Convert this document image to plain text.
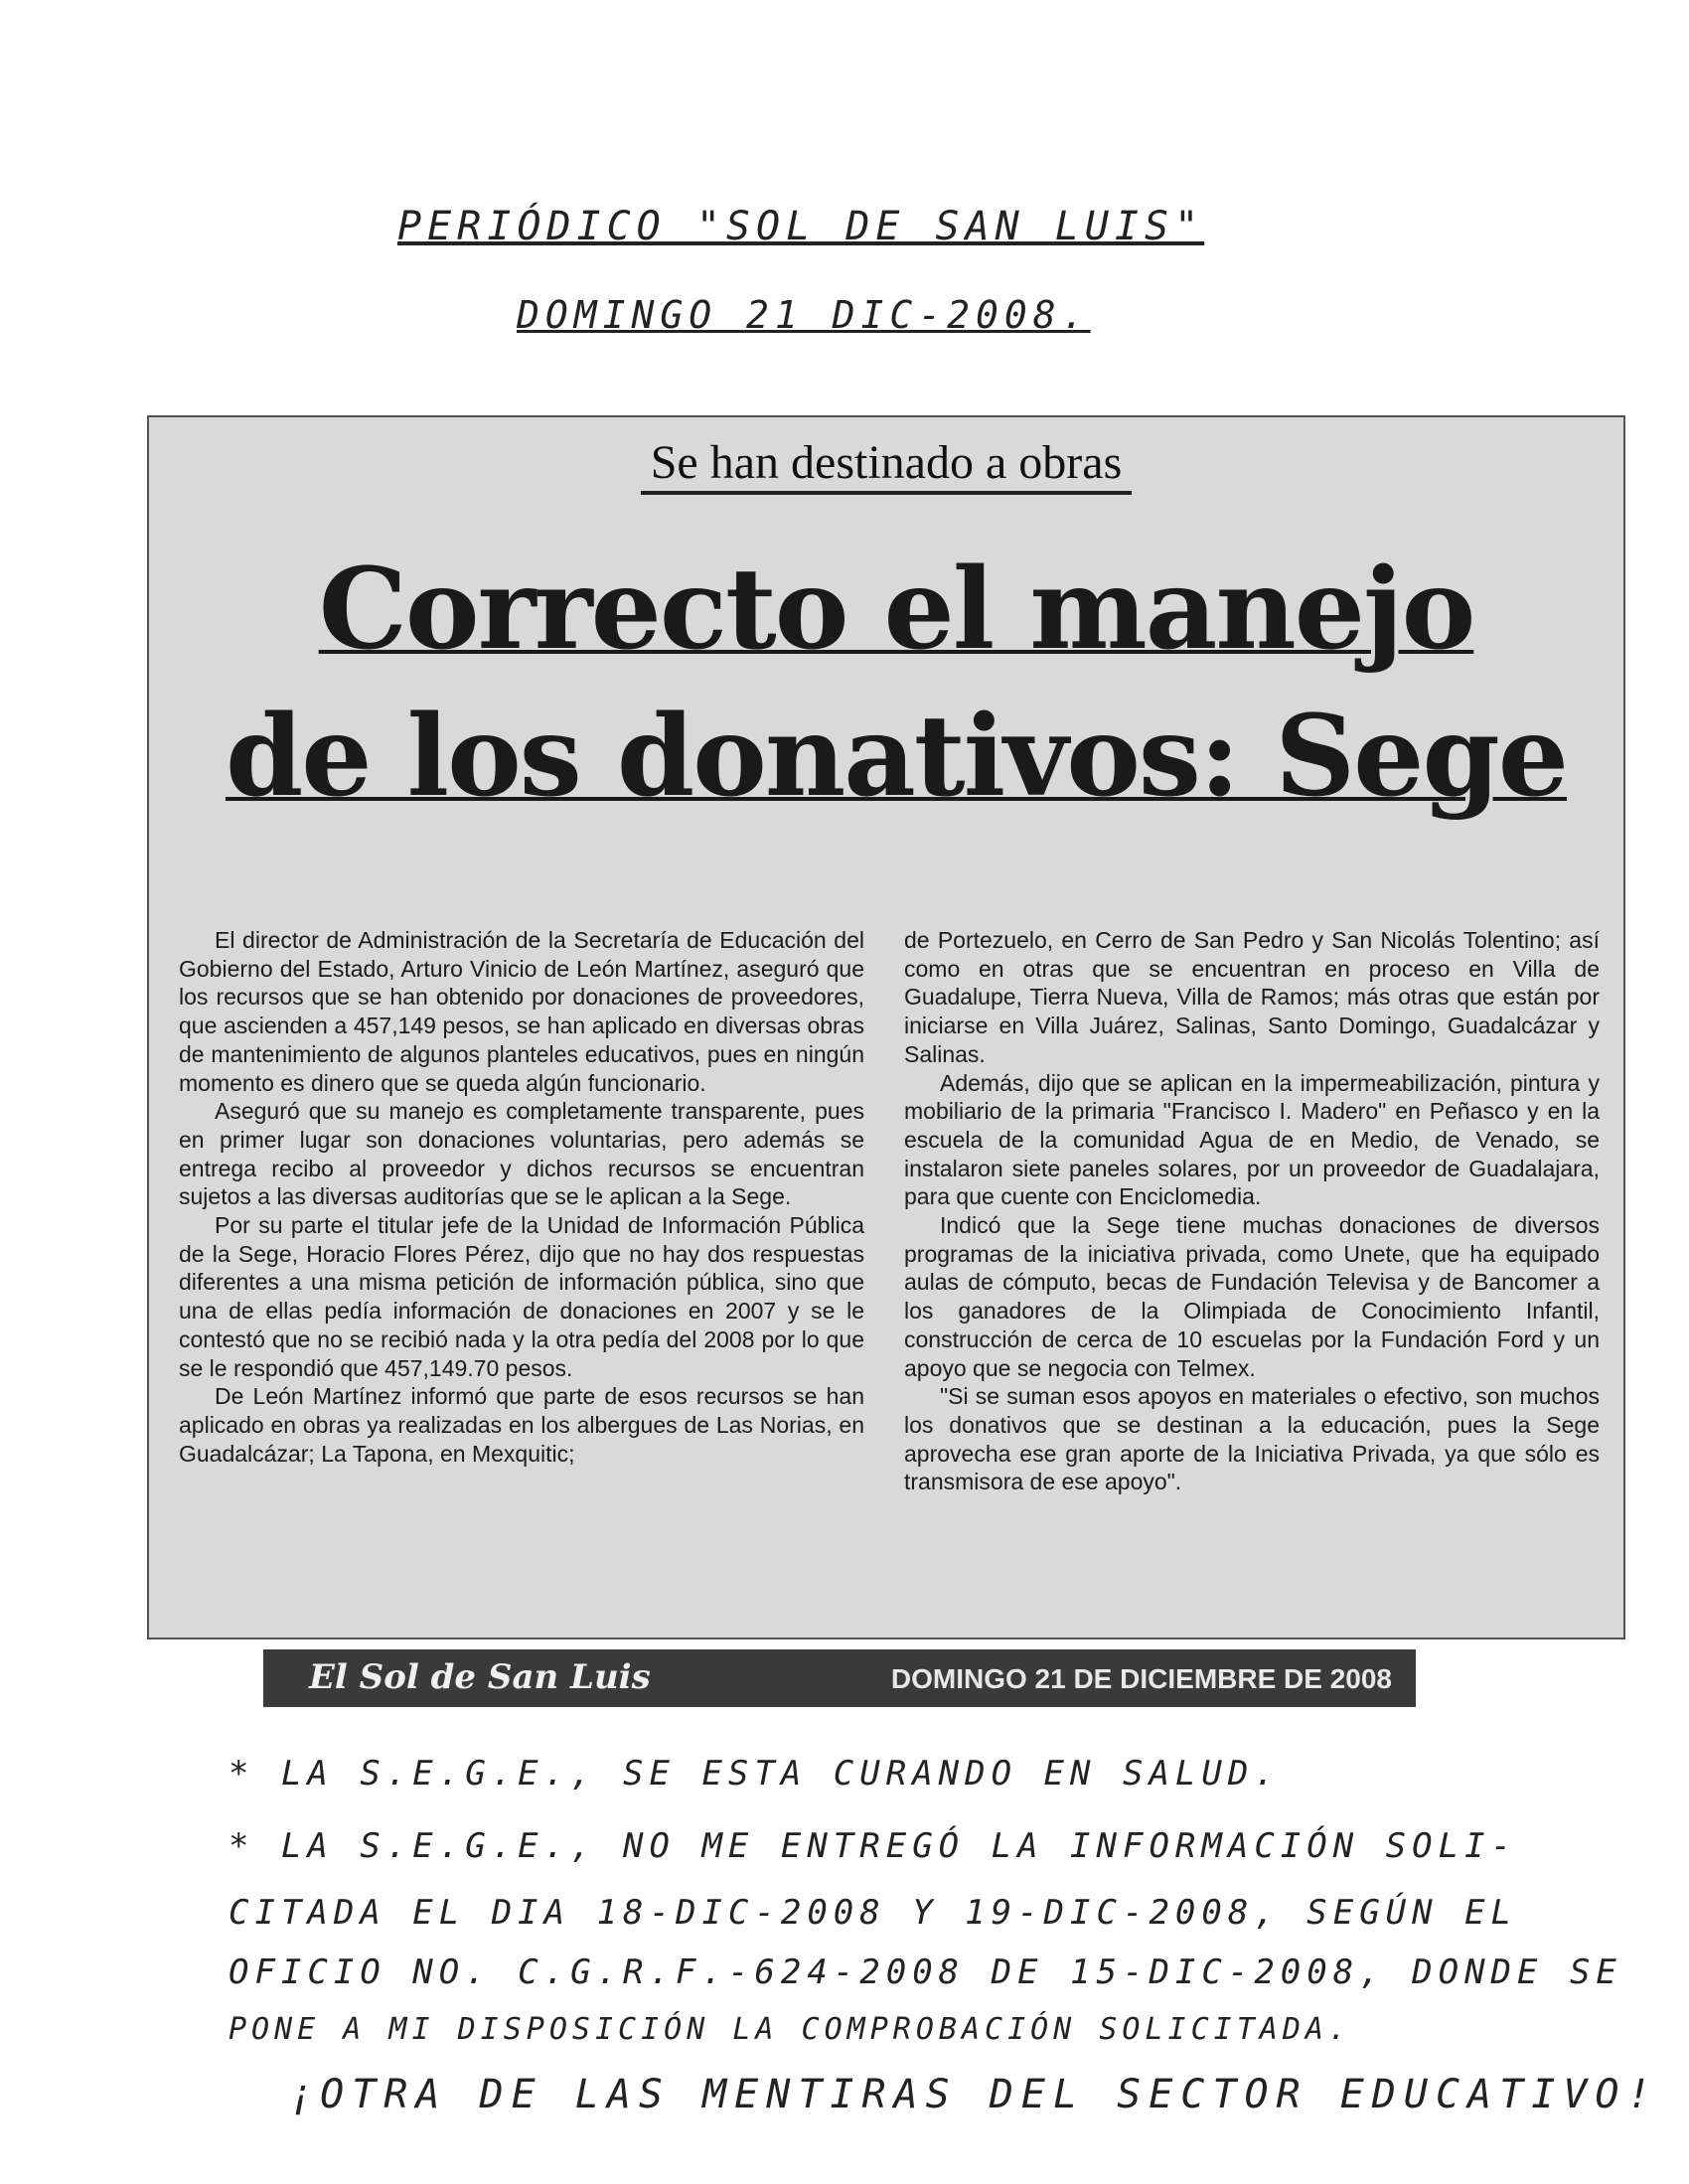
PERIÓDICO "SOL DE SAN LUIS"
DOMINGO 21 DIC-2008.
Se han destinado a obras
Correcto el manejo
de los donativos: Sege

El director de Administración de la Secretaría de Educación del Gobierno del Estado, Arturo Vinicio de León Martínez, aseguró que los recursos que se han obtenido por donaciones de proveedores, que ascienden a 457,149 pesos, se han aplicado en diversas obras de mantenimiento de algunos planteles educativos, pues en ningún momento es dinero que se queda algún funcionario.

Aseguró que su manejo es completamente transparente, pues en primer lugar son donaciones voluntarias, pero además se entrega recibo al proveedor y dichos recursos se encuentran sujetos a las diversas auditorías que se le aplican a la Sege.

Por su parte el titular jefe de la Unidad de Información Pública de la Sege, Horacio Flores Pérez, dijo que no hay dos respuestas diferentes a una misma petición de información pública, sino que una de ellas pedía información de donaciones en 2007 y se le contestó que no se recibió nada y la otra pedía del 2008 por lo que se le respondió que 457,149.70 pesos.

De León Martínez informó que parte de esos recursos se han aplicado en obras ya realizadas en los albergues de Las Norias, en Guadalcázar; La Tapona, en Mexquitic;

de Portezuelo, en Cerro de San Pedro y San Nicolás Tolentino; así como en otras que se encuentran en proceso en Villa de Guadalupe, Tierra Nueva, Villa de Ramos; más otras que están por iniciarse en Villa Juárez, Salinas, Santo Domingo, Guadalcázar y Salinas.

Además, dijo que se aplican en la impermeabilización, pintura y mobiliario de la primaria "Francisco I. Madero" en Peñasco y en la escuela de la comunidad Agua de en Medio, de Venado, se instalaron siete paneles solares, por un proveedor de Guadalajara, para que cuente con Enciclomedia.

Indicó que la Sege tiene muchas donaciones de diversos programas de la iniciativa privada, como Unete, que ha equipado aulas de cómputo, becas de Fundación Televisa y de Bancomer a los ganadores de la Olimpiada de Conocimiento Infantil, construcción de cerca de 10 escuelas por la Fundación Ford y un apoyo que se negocia con Telmex.

"Si se suman esos apoyos en materiales o efectivo, son muchos los donativos que se destinan a la educación, pues la Sege aprovecha ese gran aporte de la Iniciativa Privada, ya que sólo es transmisora de ese apoyo".

El Sol de San Luis	DOMINGO 21 DE DICIEMBRE DE 2008
* LA S.E.G.E., SE ESTA CURANDO EN SALUD.
* LA S.E.G.E., NO ME ENTREGÓ LA INFORMACIÓN SOLI-
CITADA EL DIA 18-DIC-2008 Y 19-DIC-2008, SEGÚN EL
OFICIO NO. C.G.R.F.-624-2008 DE 15-DIC-2008, DONDE SE
PONE A MI DISPOSICIÓN LA COMPROBACIÓN SOLICITADA.
¡OTRA DE LAS MENTIRAS DEL SECTOR EDUCATIVO!
